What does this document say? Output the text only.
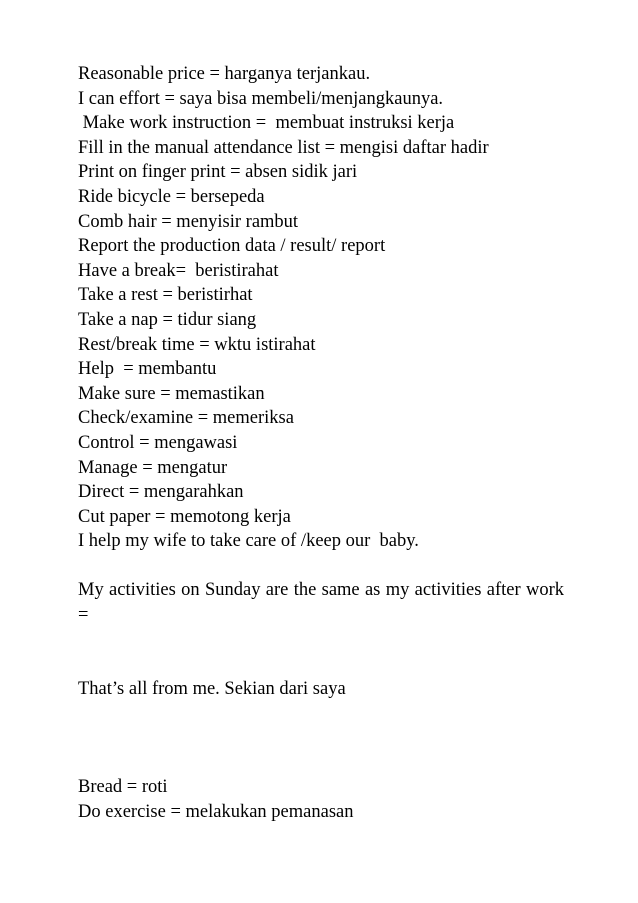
Reasonable price = harganya terjankau.

I can effort = saya bisa membeli/menjangkaunya.

Make work instruction =  membuat instruksi kerja

Fill in the manual attendance list = mengisi daftar hadir

Print on finger print = absen sidik jari

Ride bicycle = bersepeda

Comb hair = menyisir rambut

Report the production data / result/ report

Have a break=  beristirahat

Take a rest = beristirhat

Take a nap = tidur siang

Rest/break time = wktu istirahat

Help  = membantu

Make sure = memastikan

Check/examine = memeriksa

Control = mengawasi

Manage = mengatur

Direct = mengarahkan

Cut paper = memotong kerja

I help my wife to take care of /keep our  baby.

My activities on Sunday are the same as my activities after work =

That’s all from me. Sekian dari saya

Bread = roti

Do exercise = melakukan pemanasan
